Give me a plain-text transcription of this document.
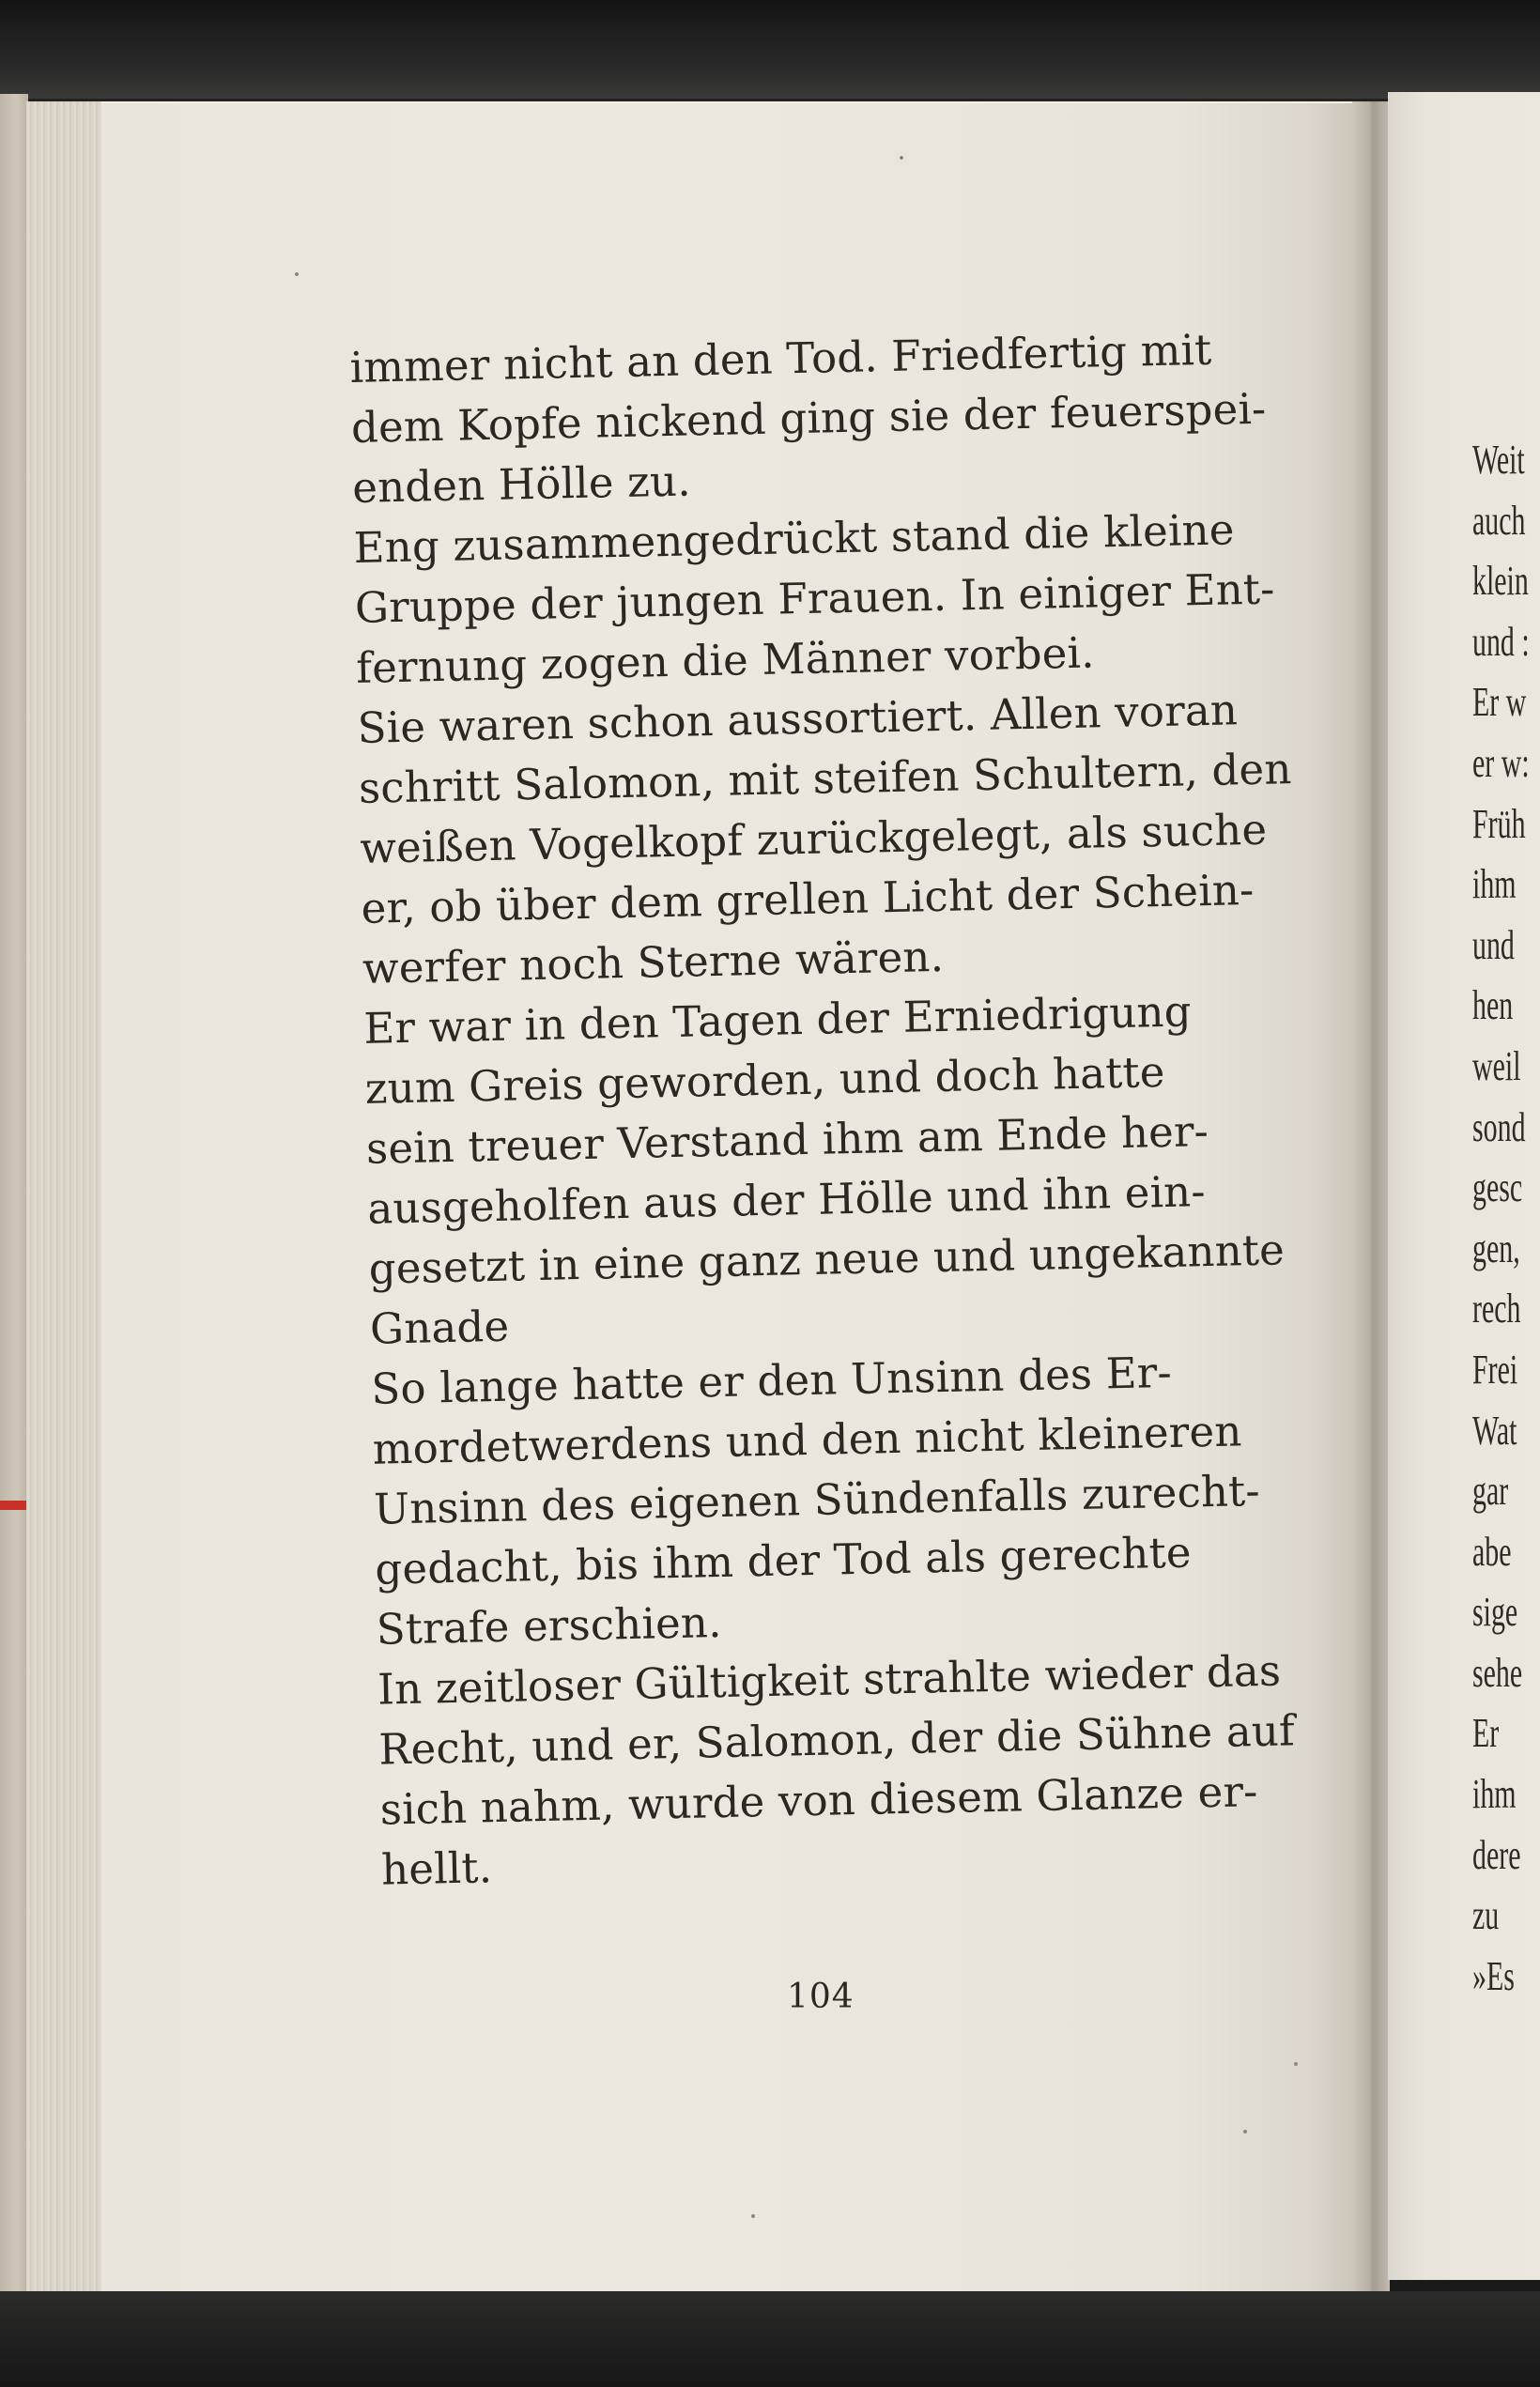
Weit
auch
klein
und :
Er w
er w:
Früh
ihm
und
hen
weil
sond
gesc
gen,
rech
Frei
Wat
gar
abe
sige
sehe
Er
ihm
dere
zu
»Es
immer nicht an den Tod. Friedfertig mit
dem Kopfe nickend ging sie der feuerspei-
enden Hölle zu.
Eng zusammengedrückt stand die kleine
Gruppe der jungen Frauen. In einiger Ent-
fernung zogen die Männer vorbei.
Sie waren schon aussortiert. Allen voran
schritt Salomon, mit steifen Schultern, den
weißen Vogelkopf zurückgelegt, als suche
er, ob über dem grellen Licht der Schein-
werfer noch Sterne wären.
Er war in den Tagen der Erniedrigung
zum Greis geworden, und doch hatte
sein treuer Verstand ihm am Ende her-
ausgeholfen aus der Hölle und ihn ein-
gesetzt in eine ganz neue und ungekannte
Gnade
So lange hatte er den Unsinn des Er-
mordetwerdens und den nicht kleineren
Unsinn des eigenen Sündenfalls zurecht-
gedacht, bis ihm der Tod als gerechte
Strafe erschien.
In zeitloser Gültigkeit strahlte wieder das
Recht, und er, Salomon, der die Sühne auf
sich nahm, wurde von diesem Glanze er-
hellt.
104
